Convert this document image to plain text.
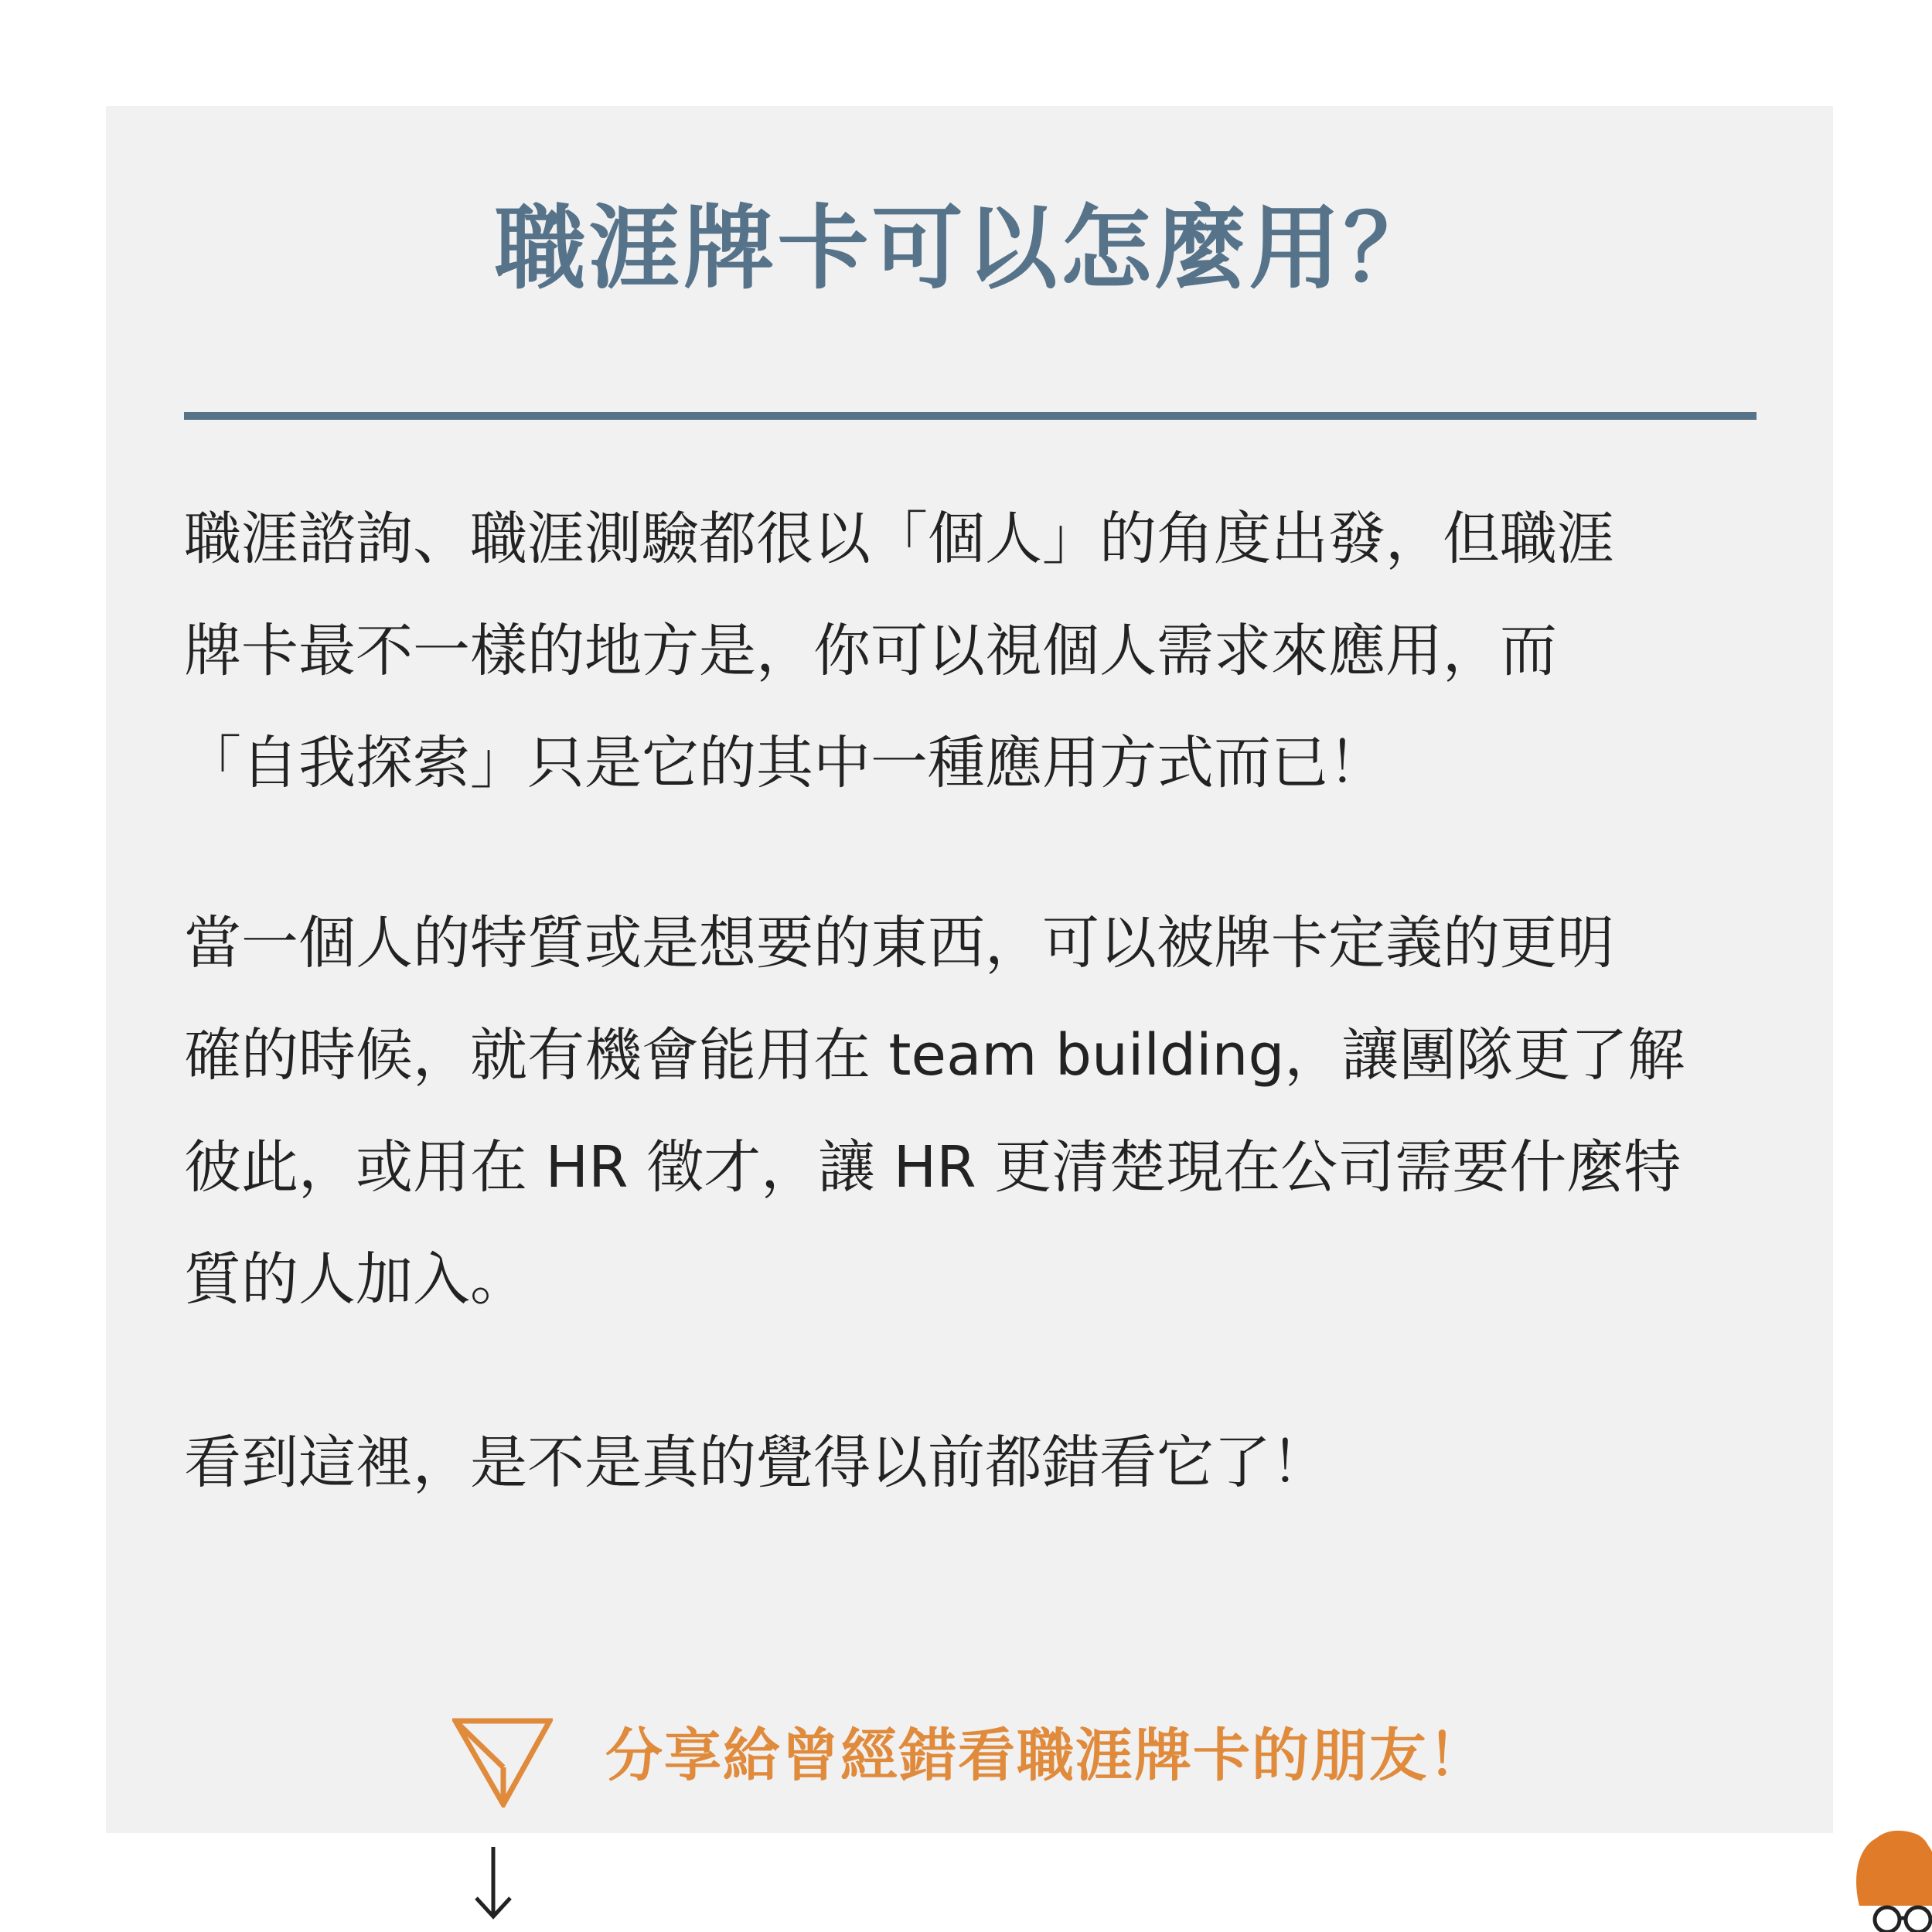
職涯牌卡可以怎麼用？
職涯諮詢、職涯測驗都很以「個人」的角度出發，但職涯
牌卡最不一樣的地方是，你可以視個人需求來應用，而
「自我探索」只是它的其中一種應用方式而已！
當一個人的特質或是想要的東西，可以被牌卡定義的更明
確的時候，就有機會能用在 team building，讓團隊更了解
彼此，或用在 HR 徵才，讓 HR 更清楚現在公司需要什麼特
質的人加入。
看到這裡，是不是真的覺得以前都錯看它了！
分享給曾經錯看職涯牌卡的朋友！
